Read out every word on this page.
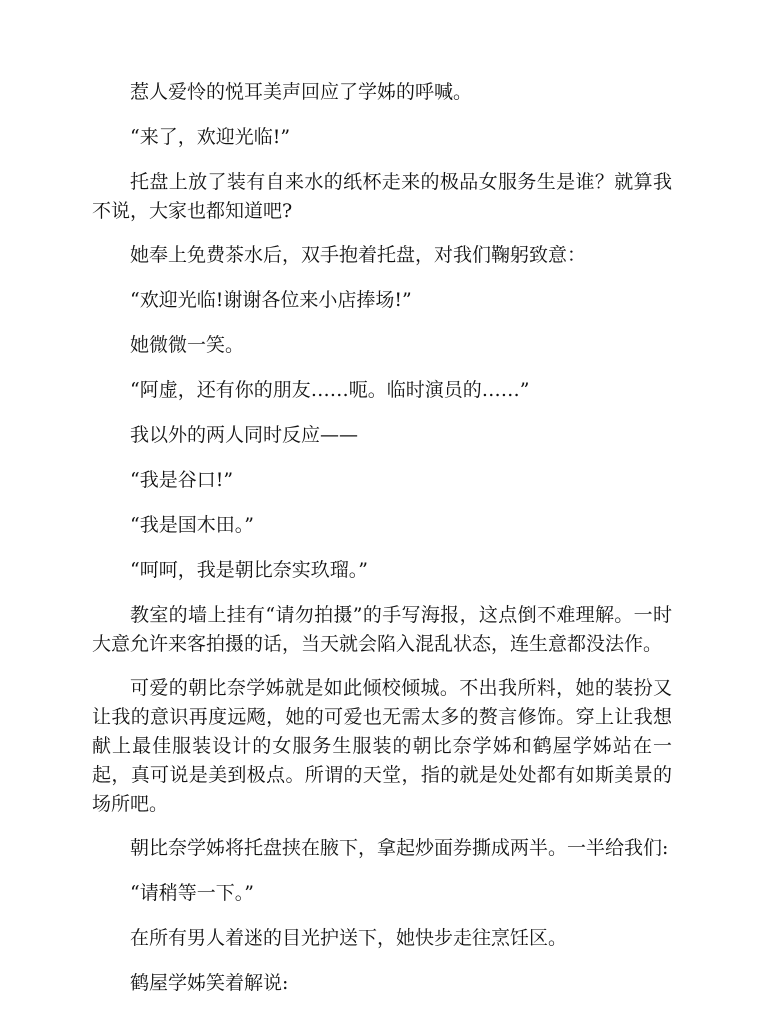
惹人爱怜的悦耳美声回应了学姊的呼喊。

“来了，欢迎光临!”

托盘上放了装有自来水的纸杯走来的极品女服务生是谁？就算我不说，大家也都知道吧?

她奉上免费茶水后，双手抱着托盘，对我们鞠躬致意：

“欢迎光临!谢谢各位来小店捧场!”

她微微一笑。

“阿虚，还有你的朋友……呃。临时演员的……”

我以外的两人同时反应——

“我是谷口!”

“我是国木田。”

“呵呵，我是朝比奈实玖瑠。”

教室的墙上挂有“请勿拍摄”的手写海报，这点倒不难理解。一时大意允许来客拍摄的话，当天就会陷入混乱状态，连生意都没法作。

可爱的朝比奈学姊就是如此倾校倾城。不出我所料，她的装扮又让我的意识再度远飏，她的可爱也无需太多的赘言修饰。穿上让我想献上最佳服装设计的女服务生服装的朝比奈学姊和鹤屋学姊站在一起，真可说是美到极点。所谓的天堂，指的就是处处都有如斯美景的场所吧。

朝比奈学姊将托盘挟在腋下，拿起炒面券撕成两半。一半给我们:

“请稍等一下。”

在所有男人着迷的目光护送下，她快步走往烹饪区。

鹤屋学姊笑着解说:
